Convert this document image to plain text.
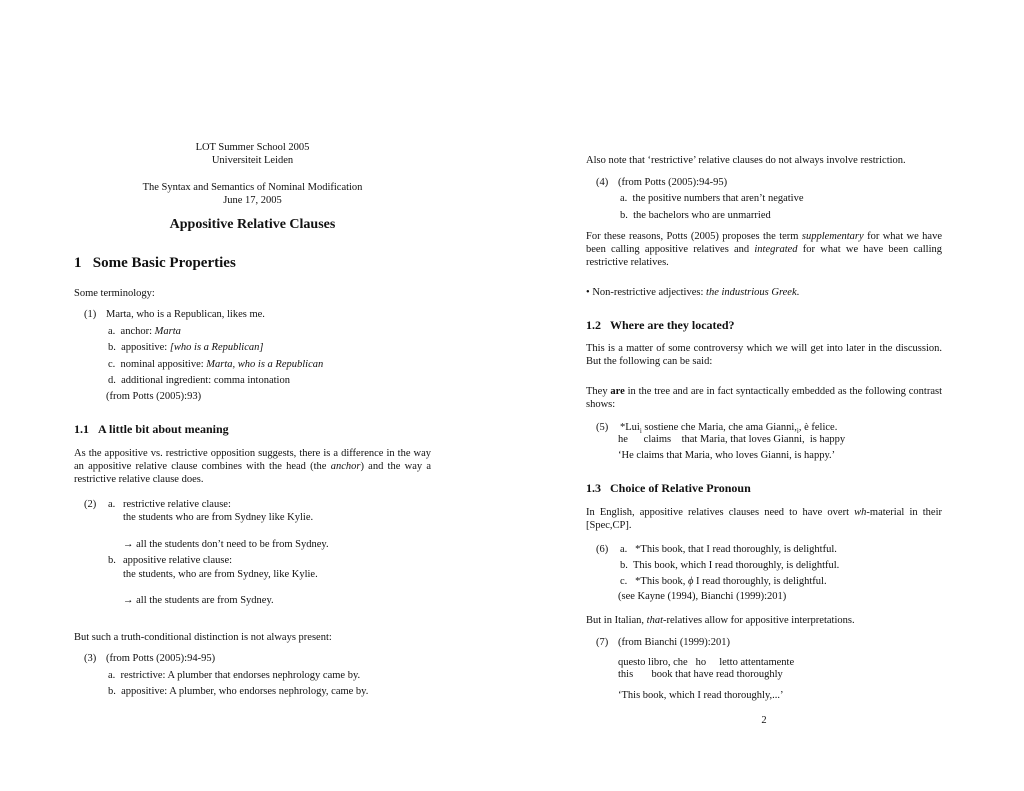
LOT Summer School 2005
Universiteit Leiden
The Syntax and Semantics of Nominal Modification
June 17, 2005
Appositive Relative Clauses
1 Some Basic Properties
Some terminology:
(1) Marta, who is a Republican, likes me.
a. anchor: Marta
b. appositive: [who is a Republican]
c. nominal appositive: Marta, who is a Republican
d. additional ingredient: comma intonation
(from Potts (2005):93)
1.1 A little bit about meaning
As the appositive vs. restrictive opposition suggests, there is a difference in the way an appositive relative clause combines with the head (the anchor) and the way a restrictive relative clause does.
(2) a. restrictive relative clause:
the students who are from Sydney like Kylie.
→ all the students don’t need to be from Sydney.
b. appositive relative clause:
the students, who are from Sydney, like Kylie.
→ all the students are from Sydney.
But such a truth-conditional distinction is not always present:
(3) (from Potts (2005):94-95)
a. restrictive: A plumber that endorses nephrology came by.
b. appositive: A plumber, who endorses nephrology, came by.
Also note that ‘restrictive’ relative clauses do not always involve restriction.
(4) (from Potts (2005):94-95)
a. the positive numbers that aren’t negative
b. the bachelors who are unmarried
For these reasons, Potts (2005) proposes the term supplementary for what we have been calling appositive relatives and integrated for what we have been calling restrictive relatives.
• Non-restrictive adjectives: the industrious Greek.
1.2 Where are they located?
This is a matter of some controversy which we will get into later in the discussion. But the following can be said:
They are in the tree and are in fact syntactically embedded as the following contrast shows:
(5) *Lui$_i$ sostiene che Maria, che ama $Gianni,_i$, è felice.
he      claims    that Maria, that loves Gianni,  is happy
‘He claims that Maria, who loves Gianni, is happy.’
1.3 Choice of Relative Pronoun
In English, appositive relatives clauses need to have overt wh-material in their [Spec,CP].
(6) a. *This book, that I read thoroughly, is delightful.
b. This book, which I read thoroughly, is delightful.
c. *This book, ϕ I read thoroughly, is delightful.
(see Kayne (1994), Bianchi (1999):201)
But in Italian, that-relatives allow for appositive interpretations.
(7) (from Bianchi (1999):201)
questo libro, che   ho     letto attentamente
this       book that have read thoroughly
‘This book, which I read thoroughly,...’
2
